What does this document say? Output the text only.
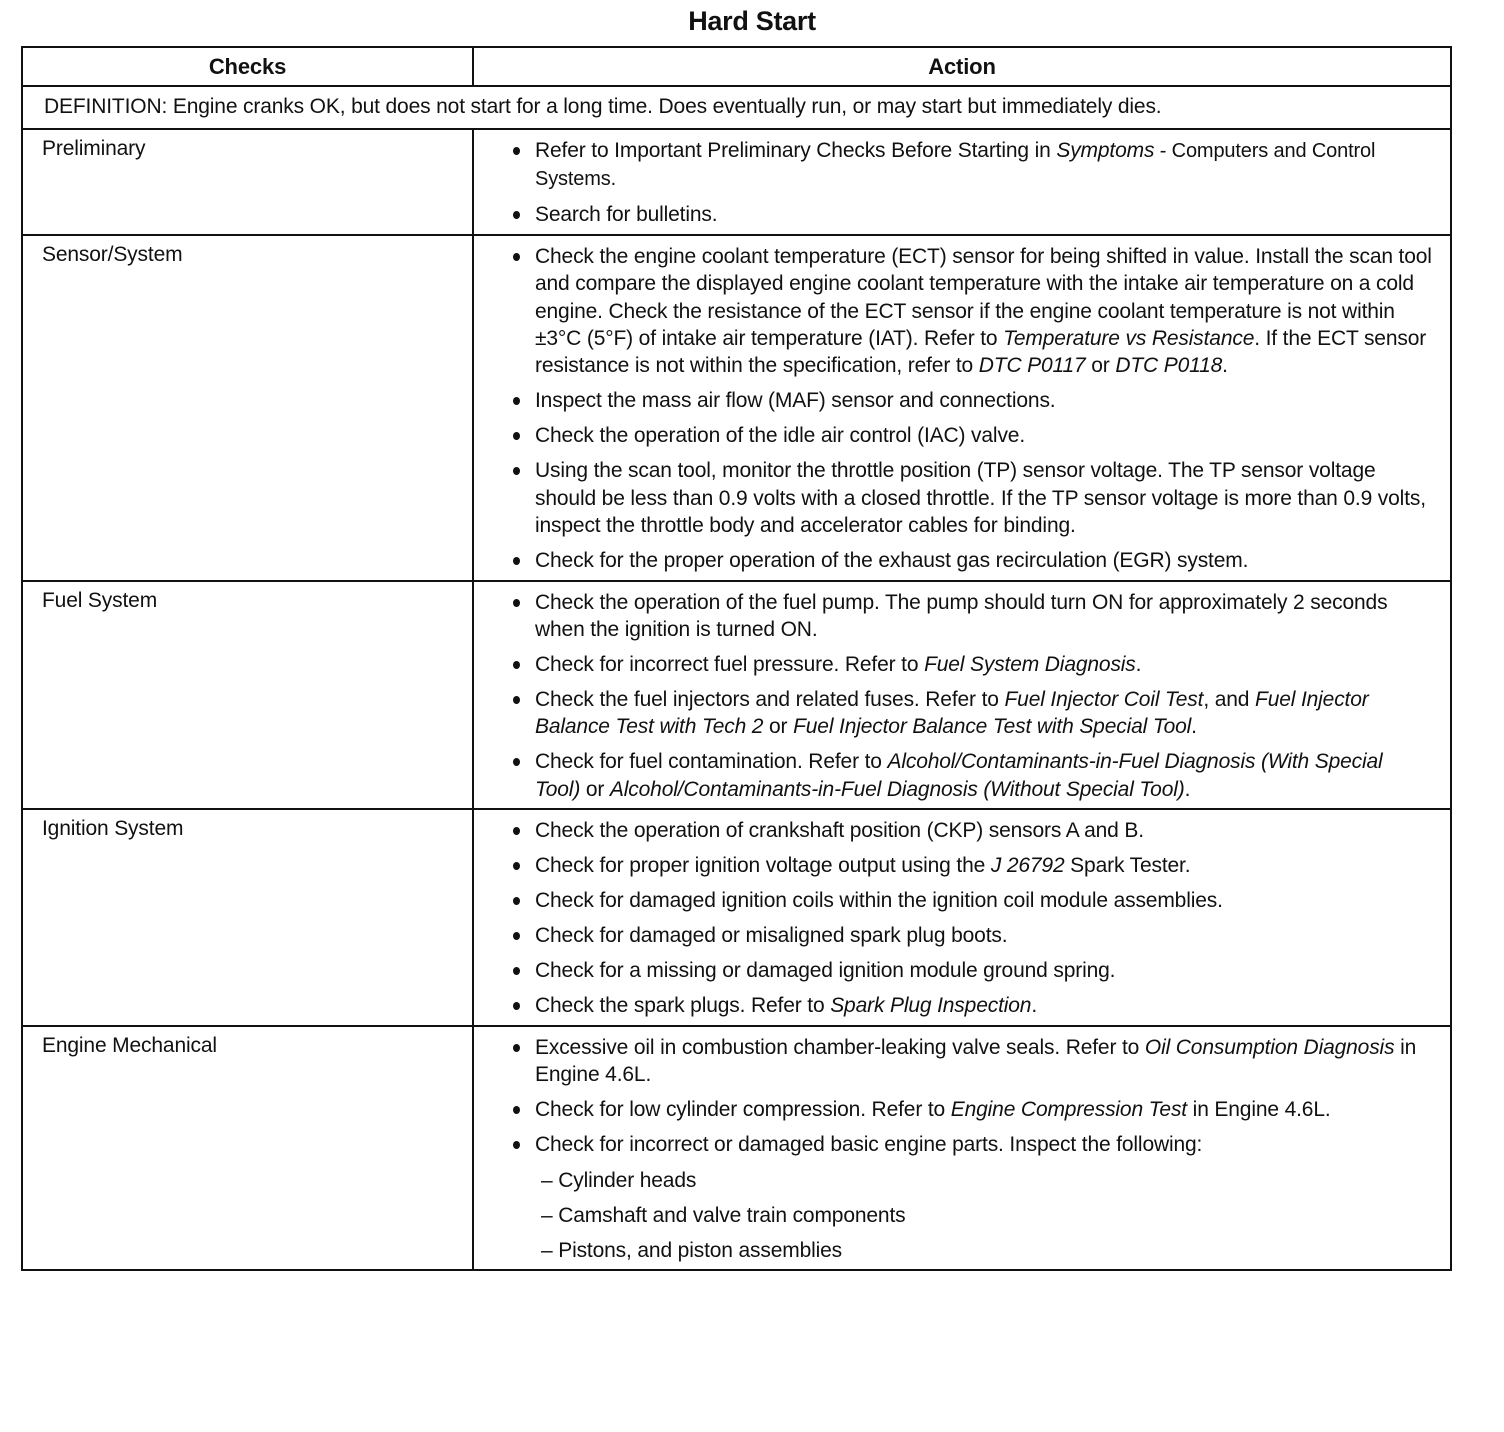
Hard Start
Checks	Action
DEFINITION: Engine cranks OK, but does not start for a long time. Does eventually run, or may start but immediately dies.	
Preliminary	Refer to Important Preliminary Checks Before Starting in Symptoms - Computers and Control Systems.
Search for bulletins.

Sensor/System	Check the engine coolant temperature (ECT) sensor for being shifted in value. Install the scan tool and compare the displayed engine coolant temperature with the intake air temperature on a cold engine. Check the resistance of the ECT sensor if the engine coolant temperature is not within ±3°C (5°F) of intake air temperature (IAT). Refer to Temperature vs Resistance. If the ECT sensor resistance is not within the specification, refer to DTC P0117 or DTC P0118.
Inspect the mass air flow (MAF) sensor and connections.
Check the operation of the idle air control (IAC) valve.
Using the scan tool, monitor the throttle position (TP) sensor voltage. The TP sensor voltage should be less than 0.9 volts with a closed throttle. If the TP sensor voltage is more than 0.9 volts, inspect the throttle body and accelerator cables for binding.
Check for the proper operation of the exhaust gas recirculation (EGR) system.

Fuel System	Check the operation of the fuel pump. The pump should turn ON for approximately 2 seconds when the ignition is turned ON.
Check for incorrect fuel pressure. Refer to Fuel System Diagnosis.
Check the fuel injectors and related fuses. Refer to Fuel Injector Coil Test, and Fuel Injector Balance Test with Tech 2 or Fuel Injector Balance Test with Special Tool.
Check for fuel contamination. Refer to Alcohol/Contaminants-in-Fuel Diagnosis (With Special Tool) or Alcohol/Contaminants-in-Fuel Diagnosis (Without Special Tool).

Ignition System	Check the operation of crankshaft position (CKP) sensors A and B.
Check for proper ignition voltage output using the J 26792 Spark Tester.
Check for damaged ignition coils within the ignition coil module assemblies.
Check for damaged or misaligned spark plug boots.
Check for a missing or damaged ignition module ground spring.
Check the spark plugs. Refer to Spark Plug Inspection.

Engine Mechanical	Excessive oil in combustion chamber-leaking valve seals. Refer to Oil Consumption Diagnosis in Engine 4.6L.
Check for low cylinder compression. Refer to Engine Compression Test in Engine 4.6L.
Check for incorrect or damaged basic engine parts. Inspect the following:
– Cylinder heads
– Camshaft and valve train components
– Pistons, and piston assemblies
